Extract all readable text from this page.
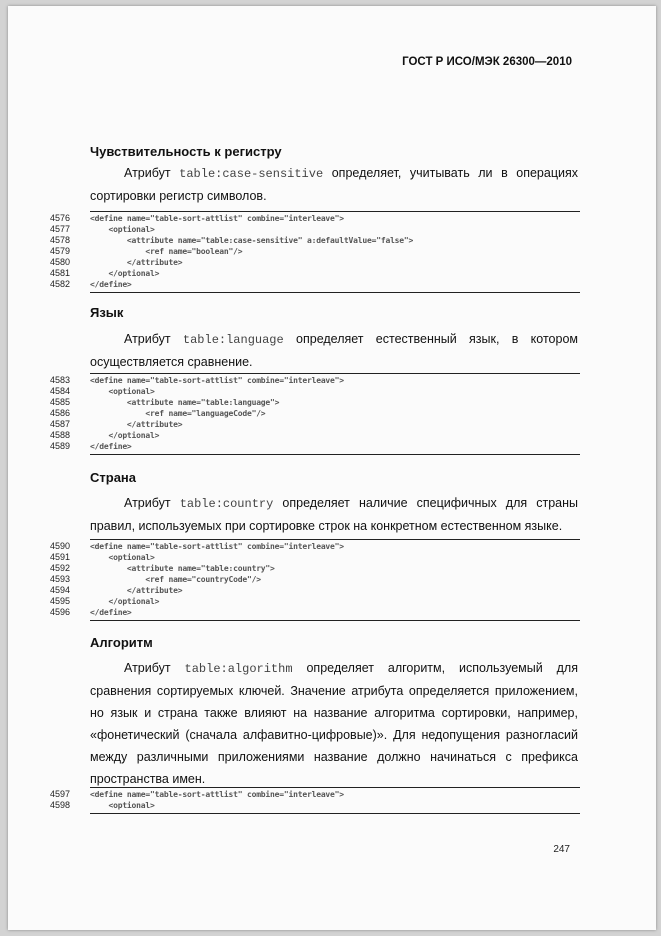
ГОСТ Р ИСО/МЭК 26300—2010
Чувствительность к регистру
Атрибут table:case-sensitive определяет, учитывать ли в операциях сортировки регистр символов.
4576	<define name="table-sort-attlist" combine="interleave">
4577	<optional>
4578	<attribute name="table:case-sensitive" a:defaultValue="false">
4579	<ref name="boolean"/>
4580	</attribute>
4581	</optional>
4582	</define>
Язык
Атрибут table:language определяет естественный язык, в котором осуществляется сравнение.
4583	<define name="table-sort-attlist" combine="interleave">
4584	<optional>
4585	<attribute name="table:language">
4586	<ref name="languageCode"/>
4587	</attribute>
4588	</optional>
4589	</define>
Страна
Атрибут table:country определяет наличие специфичных для страны правил, используемых при сортировке строк на конкретном естественном языке.
4590	<define name="table-sort-attlist" combine="interleave">
4591	<optional>
4592	<attribute name="table:country">
4593	<ref name="countryCode"/>
4594	</attribute>
4595	</optional>
4596	</define>
Алгоритм
Атрибут table:algorithm определяет алгоритм, используемый для сравнения сортируемых ключей. Значение атрибута определяется приложением, но язык и страна также влияют на название алгоритма сортировки, например, «фонетический (сначала алфавитно-цифровые)». Для недопущения разногласий между различными приложениями название должно начинаться с префикса пространства имен.
4597	<define name="table-sort-attlist" combine="interleave">
4598	<optional>
247
